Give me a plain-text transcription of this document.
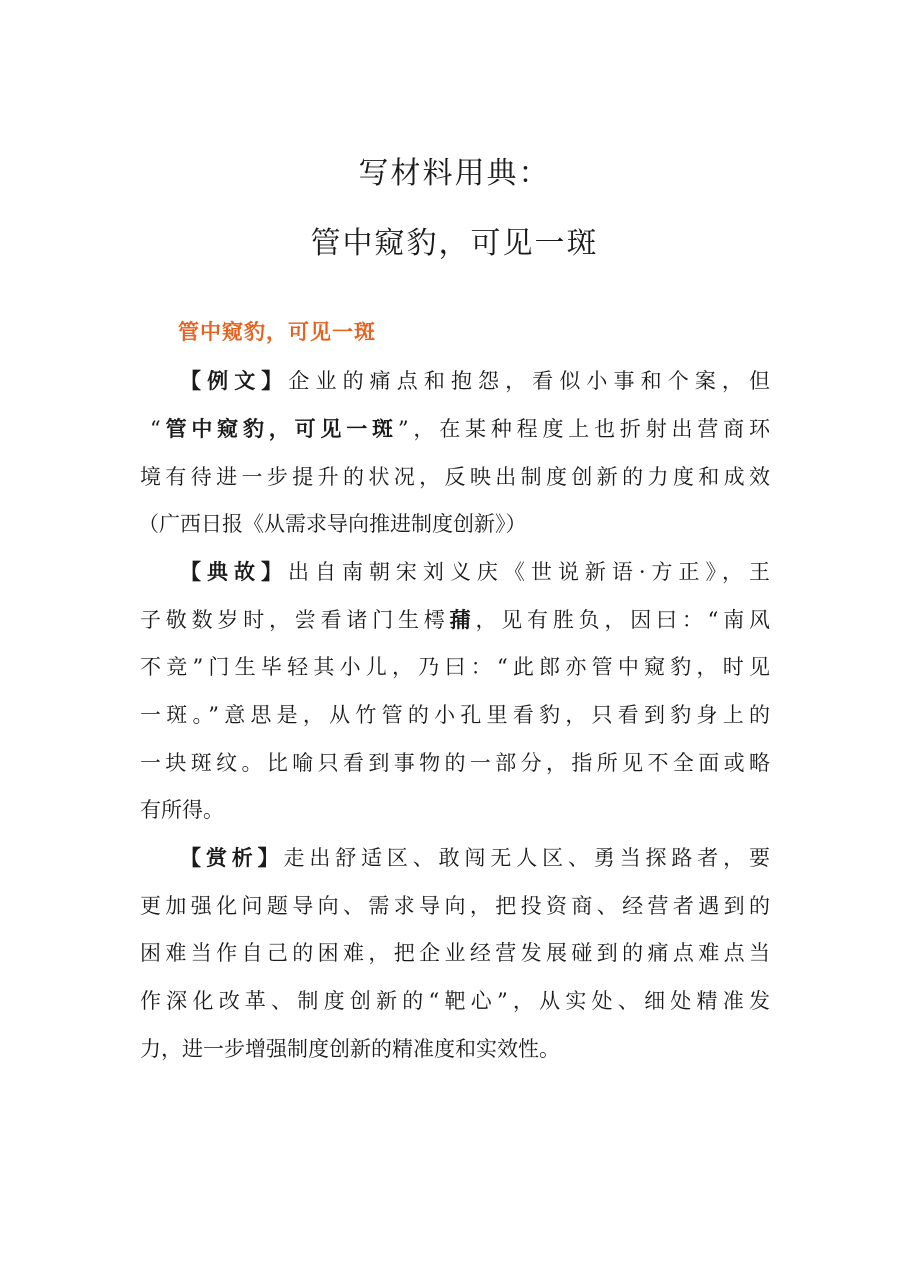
写材料用典：
管中窥豹，可见一斑
管中窥豹，可见一斑
【例文】企业的痛点和抱怨，看似小事和个案，但
“管中窥豹，可见一斑”，在某种程度上也折射出营商环
境有待进一步提升的状况，反映出制度创新的力度和成效
（广西日报《从需求导向推进制度创新》）
【典故】出自南朝宋刘义庆《世说新语·方正》，王
子敬数岁时，尝看诸门生樗蒱，见有胜负，因曰：“南风
不竞”门生毕轻其小儿，乃曰：“此郎亦管中窥豹，时见
一斑。”意思是，从竹管的小孔里看豹，只看到豹身上的
一块斑纹。比喻只看到事物的一部分，指所见不全面或略
有所得。
【赏析】走出舒适区、敢闯无人区、勇当探路者，要
更加强化问题导向、需求导向，把投资商、经营者遇到的
困难当作自己的困难，把企业经营发展碰到的痛点难点当
作深化改革、制度创新的“靶心”，从实处、细处精准发
力，进一步增强制度创新的精准度和实效性。
